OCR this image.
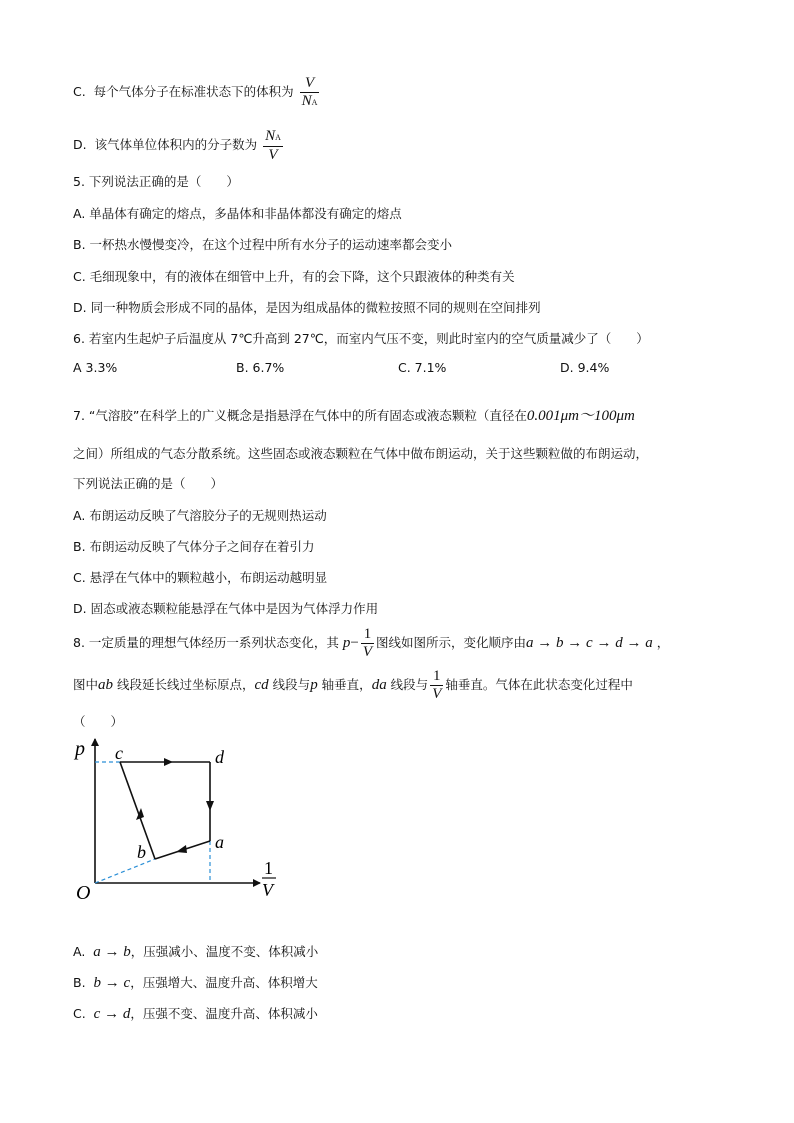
C. 每个气体分子在标准状态下的体积为 $\frac{V}{NA}$
D. 该气体单位体积内的分子数为 $\frac{NA}{V}$
5. 下列说法正确的是（　　）
A. 单晶体有确定的熔点，多晶体和非晶体都没有确定的熔点
B. 一杯热水慢慢变冷，在这个过程中所有水分子的运动速率都会变小
C. 毛细现象中，有的液体在细管中上升，有的会下降，这个只跟液体的种类有关
D. 同一种物质会形成不同的晶体，是因为组成晶体的微粒按照不同的规则在空间排列
6. 若室内生起炉子后温度从 7℃升高到 27℃，而室内气压不变，则此时室内的空气质量减少了（　　）
A 3.3%	B. 6.7%	C. 7.1%	D. 9.4%
7. “气溶胶”在科学上的广义概念是指悬浮在气体中的所有固态或液态颗粒（直径在0.001μm～100μm
之间）所组成的气态分散系统。这些固态或液态颗粒在气体中做布朗运动，关于这些颗粒做的布朗运动，
下列说法正确的是（　　）
A. 布朗运动反映了气溶胶分子的无规则热运动
B. 布朗运动反映了气体分子之间存在着引力
C. 悬浮在气体中的颗粒越小，布朗运动越明显
D. 固态或液态颗粒能悬浮在气体中是因为气体浮力作用
8. 一定质量的理想气体经历一系列状态变化，其 $p- \frac{1}{V}$ 图线如图所示，变化顺序由a → b → c → d → a ，
图中ab 线段延长线过坐标原点，cd 线段与p 轴垂直，da 线段与 $\frac{1}{V}$ 轴垂直。气体在此状态变化过程中
（　　）
p c	d
a
b
O
1
V
A. a → b，压强减小、温度不变、体积减小
B. b → c，压强增大、温度升高、体积增大
C. c → d，压强不变、温度升高、体积减小
